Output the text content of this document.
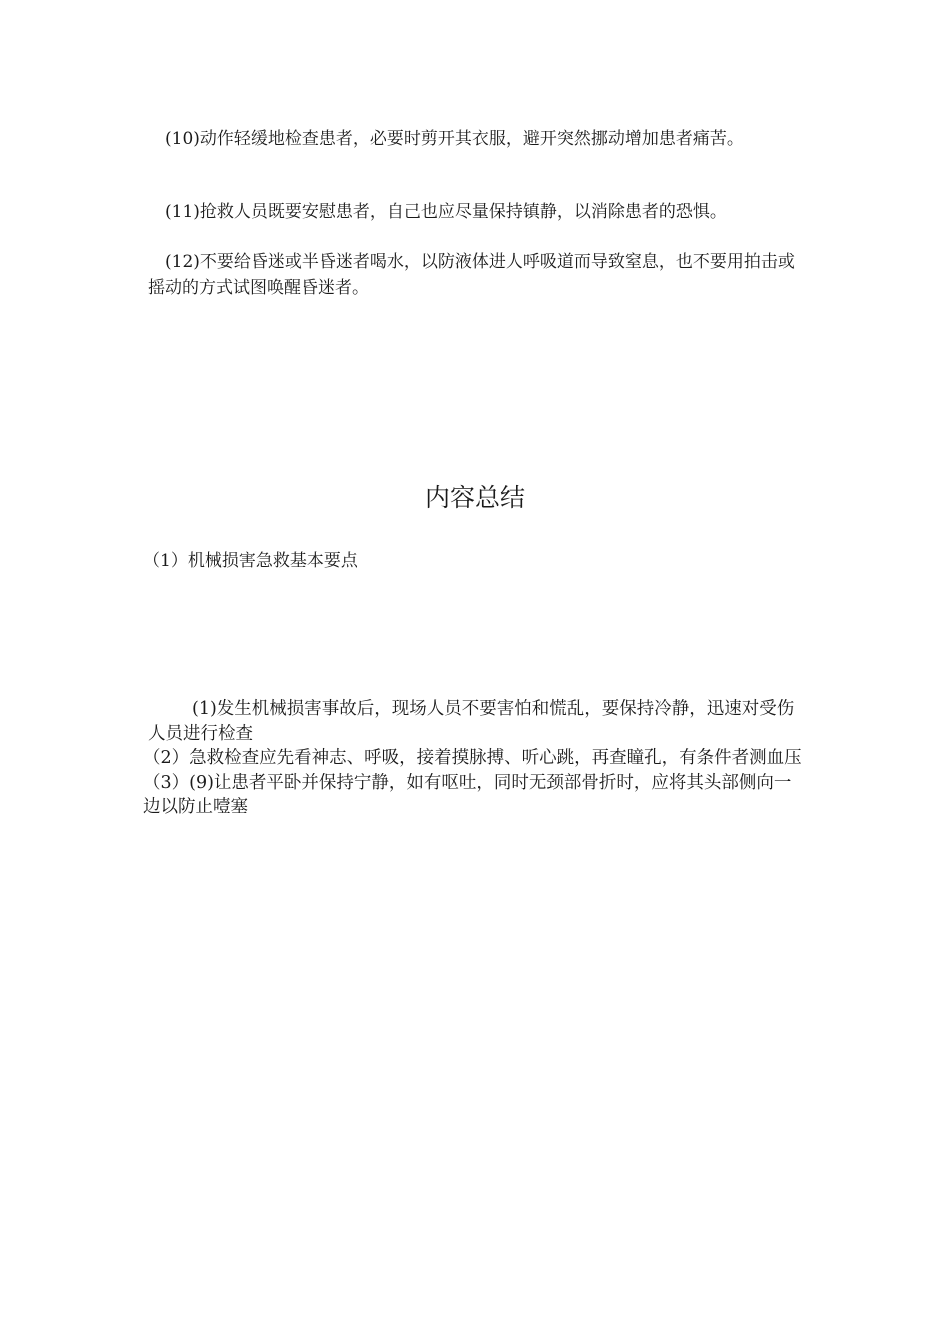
(10)动作轻缓地检查患者，必要时剪开其衣服，避开突然挪动增加患者痛苦。

(11)抢救人员既要安慰患者，自己也应尽量保持镇静，以消除患者的恐惧。

(12)不要给昏迷或半昏迷者喝水，以防液体进人呼吸道而导致窒息，也不要用拍击或摇动的方式试图唤醒昏迷者。

内容总结

（1）机械损害急救基本要点

(1)发生机械损害事故后，现场人员不要害怕和慌乱，要保持冷静，迅速对受伤人员进行检查

（2）急救检查应先看神志、呼吸，接着摸脉搏、听心跳，再查瞳孔，有条件者测血压

（3）(9)让患者平卧并保持宁静，如有呕吐，同时无颈部骨折时，应将其头部侧向一边以防止噎塞
